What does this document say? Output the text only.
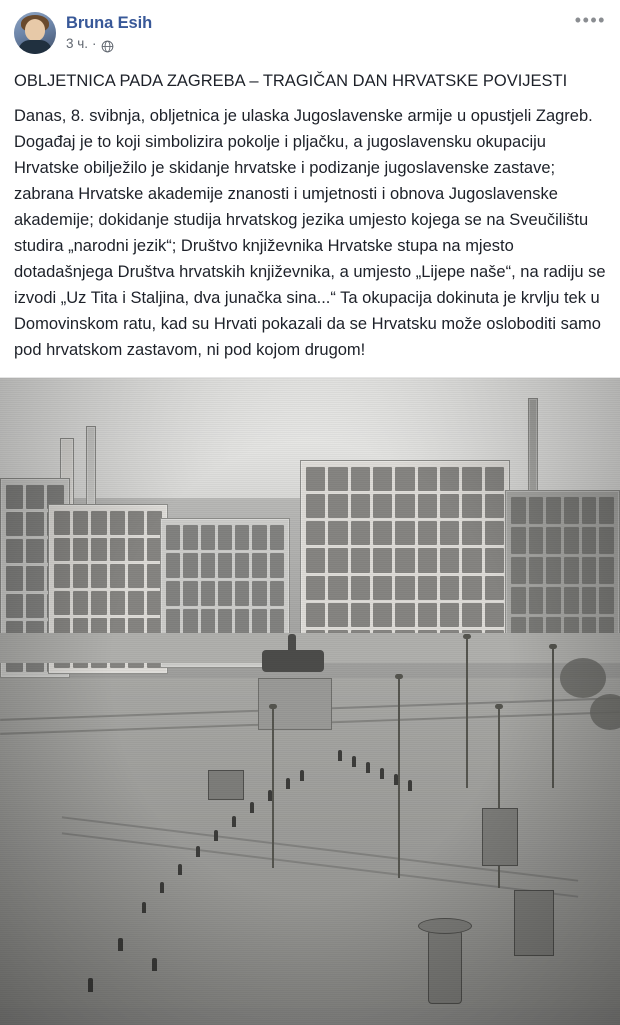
Bruna Esih
3 ч. ·
••••
OBLJETNICA PADA ZAGREBA – TRAGIČAN DAN HRVATSKE POVIJESTI
Danas, 8. svibnja, obljetnica je ulaska Jugoslavenske armije u opustjeli Zagreb. Događaj je to koji simbolizira pokolje i pljačku, a jugoslavensku okupaciju Hrvatske obilježilo je skidanje hrvatske i podizanje jugoslavenske zastave; zabrana Hrvatske akademije znanosti i umjetnosti i obnova Jugoslavenske akademije; dokidanje studija hrvatskog jezika umjesto kojega se na Sveučilištu studira „narodni jezik“; Društvo književnika Hrvatske stupa na mjesto dotadašnjega Društva hrvatskih književnika, a umjesto „Lijepe naše“, na radiju se izvodi „Uz Tita i Staljina, dva junačka sina...“ Ta okupacija dokinuta je krvlju tek u Domovinskom ratu, kad su Hrvati pokazali da se Hrvatsku može osloboditi samo pod hrvatskom zastavom, ni pod kojom drugom!
